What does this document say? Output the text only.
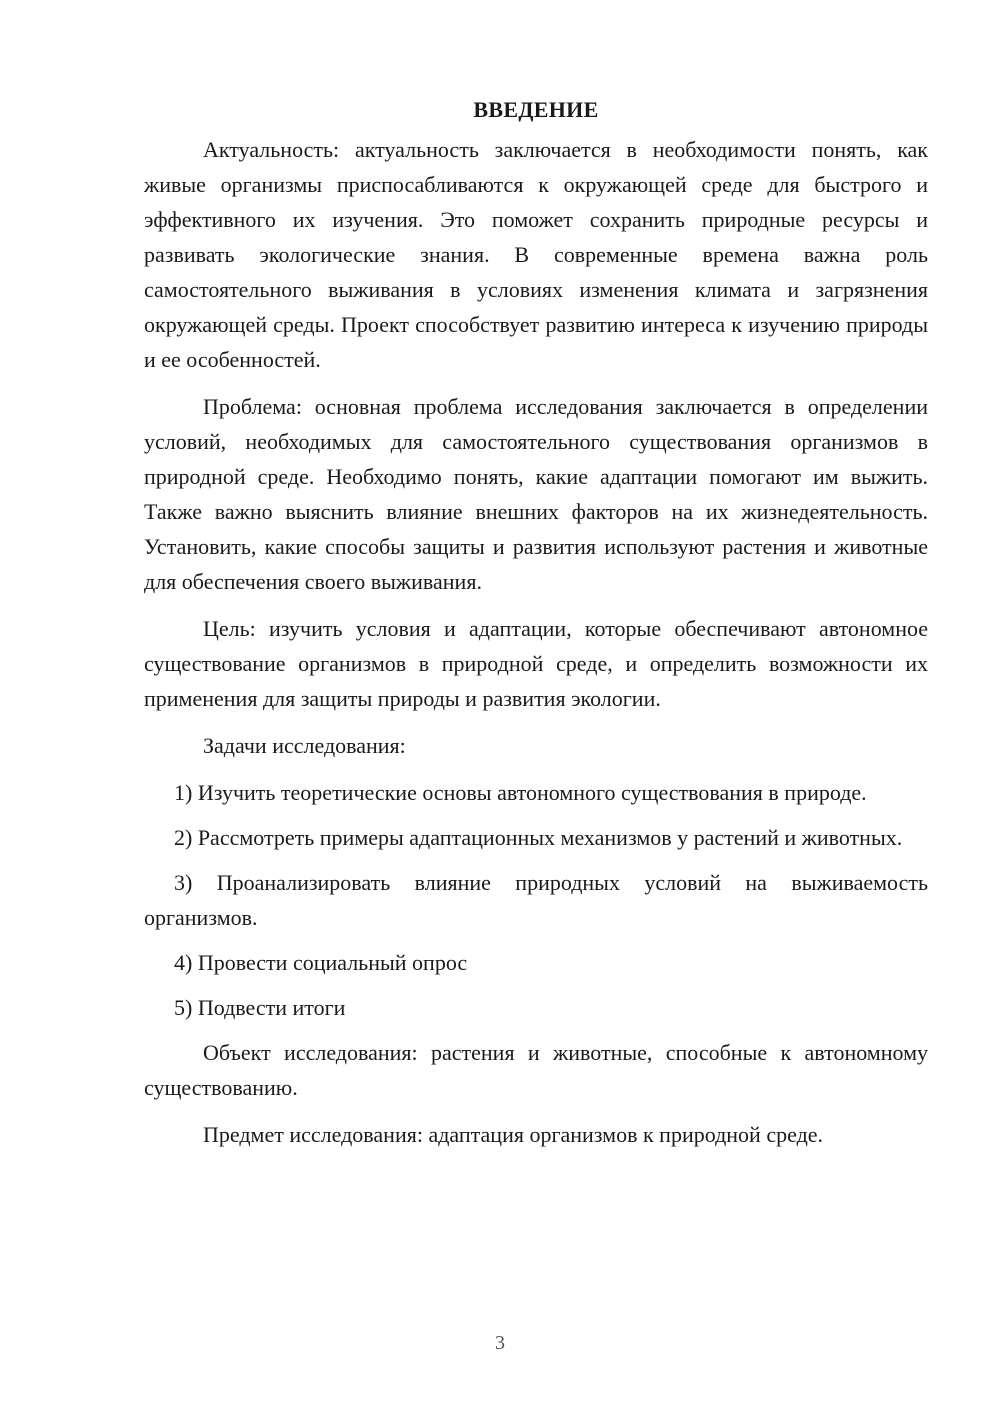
ВВЕДЕНИЕ

Актуальность: актуальность заключается в необходимости понять, как живые организмы приспосабливаются к окружающей среде для быстрого и эффективного их изучения. Это поможет сохранить природные ресурсы и развивать экологические знания. В современные времена важна роль самостоятельного выживания в условиях изменения климата и загрязнения окружающей среды. Проект способствует развитию интереса к изучению природы и ее особенностей.

Проблема: основная проблема исследования заключается в определении условий, необходимых для самостоятельного существования организмов в природной среде. Необходимо понять, какие адаптации помогают им выжить. Также важно выяснить влияние внешних факторов на их жизнедеятельность. Установить, какие способы защиты и развития используют растения и животные для обеспечения своего выживания.

Цель: изучить условия и адаптации, которые обеспечивают автономное существование организмов в природной среде, и определить возможности их применения для защиты природы и развития экологии.

Задачи исследования:

1) Изучить теоретические основы автономного существования в природе.

2) Рассмотреть примеры адаптационных механизмов у растений и животных.

3) Проанализировать влияние природных условий на выживаемость организмов.

4) Провести социальный опрос

5) Подвести итоги

Объект исследования: растения и животные, способные к автономному существованию.

Предмет исследования: адаптация организмов к природной среде.

3
